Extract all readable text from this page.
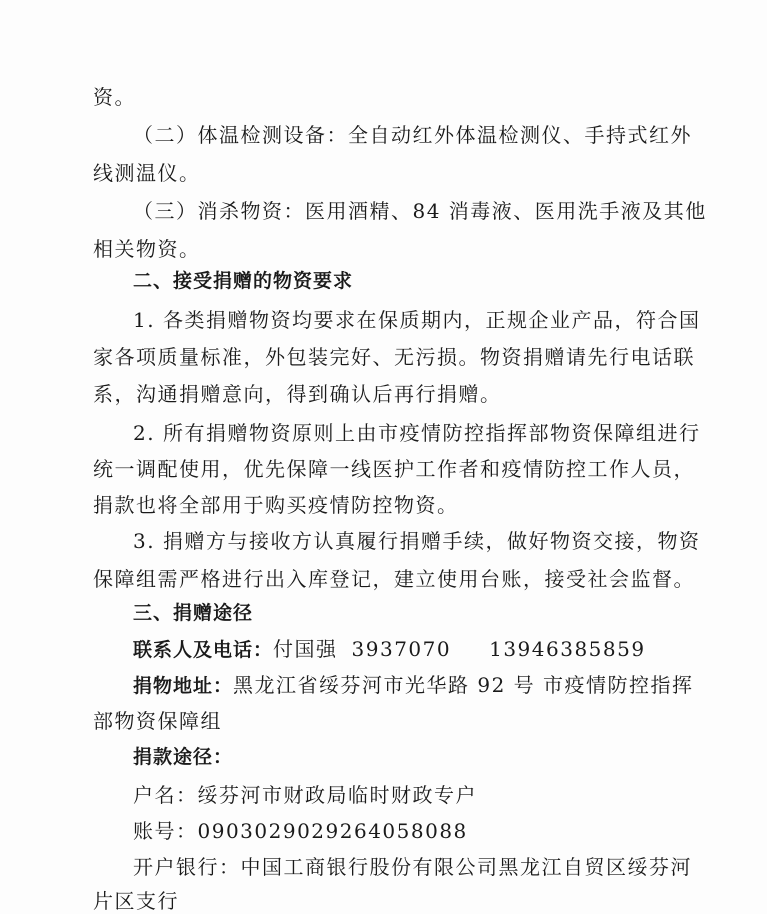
资。
（二）体温检测设备：全自动红外体温检测仪、手持式红外
线测温仪。
（三）消杀物资：医用酒精、84 消毒液、医用洗手液及其他
相关物资。
二、接受捐赠的物资要求
1. 各类捐赠物资均要求在保质期内，正规企业产品，符合国
家各项质量标准，外包装完好、无污损。物资捐赠请先行电话联
系，沟通捐赠意向，得到确认后再行捐赠。
2. 所有捐赠物资原则上由市疫情防控指挥部物资保障组进行
统一调配使用，优先保障一线医护工作者和疫情防控工作人员，
捐款也将全部用于购买疫情防控物资。
3. 捐赠方与接收方认真履行捐赠手续，做好物资交接，物资
保障组需严格进行出入库登记，建立使用台账，接受社会监督。
三、捐赠途径
联系人及电话：付国强 3937070 13946385859
捐物地址：黑龙江省绥芬河市光华路 92 号 市疫情防控指挥
部物资保障组
捐款途径：
户名：绥芬河市财政局临时财政专户
账号：0903029029264058088
开户银行：中国工商银行股份有限公司黑龙江自贸区绥芬河
片区支行
